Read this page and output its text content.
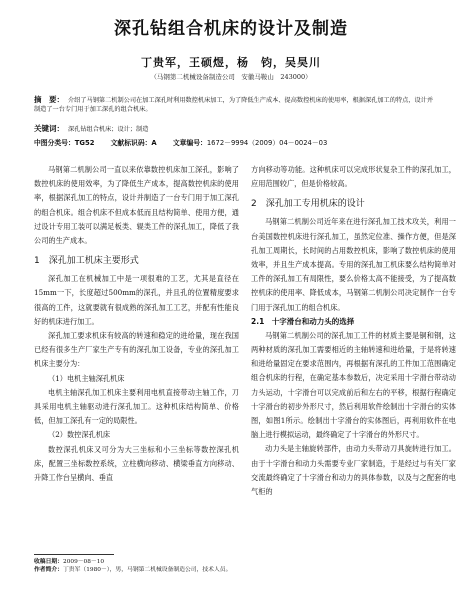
深孔钻组合机床的设计及制造
丁贵军，王硕煜，杨　钧，吴昊川
（马钢第二机械设备制造公司　安徽马鞍山　243000）
摘　要： 介绍了马钢第二机制公司在加工深孔时利用数控机床加工，为了降低生产成本、提高数控机床的使用率，根据深孔加工的特点，设计并制造了一台专门用于加工深孔的组合机床。
关键词： 深孔钻组合机床；设计；制造
中图分类号：TG52 文献标识码：A 文章编号：1672－9994（2009）04－0024－03

马钢第二机制公司一直以来依靠数控机床加工深孔，影响了数控机床的使用效率，为了降低生产成本，提高数控机床的使用率，根据深孔加工的特点，设计并制造了一台专门用于加工深孔的组合机床。组合机床不但成本低而且结构简单、使用方便，通过设计专用工装可以满足板类、辊类工件的深孔加工，降低了我公司的生产成本。

1　深孔加工机床主要形式

深孔加工在机械加工中是一项很难的工艺，尤其是直径在15mm一下，长度超过500mm的深孔，并且孔的位置精度要求很高的工件，这就要就有很成熟的深孔加工工艺，并配有性能良好的机床进行加工。

深孔加工要求机床有较高的转速和稳定的进给量，现在我国已经有很多生产厂家生产专有的深孔加工设备，专业的深孔加工机床主要分为：

（1）电机主轴深孔机床

电机主轴深孔加工机床主要利用电机直接带动主轴工作，刀具采用电机主轴驱动进行深孔加工。这种机床结构简单、价格低，但加工深孔有一定的局限性。

（2）数控深孔机床

数控深孔机床又可分为大三坐标和小三坐标等数控深孔机床，配置三坐标数控系统，立柱横向移动、横梁垂直方向移动、升降工作台呈横向、垂直

收稿日期：2009－08－10
作者简介：丁贵军（1980－），男，马钢第二机械设备制造公司，技术人员。

方向移动等功能。这种机床可以完成形状复杂工件的深孔加工，应用范围较广，但是价格较高。

2　深孔加工专用机床的设计

马钢第二机制公司近年来在进行深孔加工技术攻关，利用一台美国数控机床进行深孔加工，虽然定位准、操作方便，但是深孔加工周期长，长时间的占用数控机床，影响了数控机床的使用效率，并且生产成本提高。专用的深孔加工机床要么结构简单对工件的深孔加工有局限性，要么价格太高不能接受，为了提高数控机床的使用率、降低成本，马钢第二机制公司决定制作一台专门用于深孔加工的组合机床。

2.1　十字滑台和动力头的选择

马钢第二机制公司的深孔加工工件的材质主要是铜和钢，这两种材质的深孔加工需要相近的主轴转速和进给量，于是将转速和进给量固定在要求范围内，再根据有深孔的工件加工范围确定组合机床的行程，在确定基本参数后，决定采用十字滑台带动动力头运动，十字滑台可以完成前后和左右的平移，根据行程确定十字滑台的初步外形尺寸，然后利用软件绘制出十字滑台的实体图，如图1所示。绘制出十字滑台的实体图后，再利用软件在电脑上进行模拟运动，最终确定了十字滑台的外形尺寸。

动力头是主轴旋转部件，由动力头带动刀具旋转进行加工。由于十字滑台和动力头需要专业厂家制造，于是经过与有关厂家交流最终确定了十字滑台和动力的具体参数，以及与之配套的电气柜的
